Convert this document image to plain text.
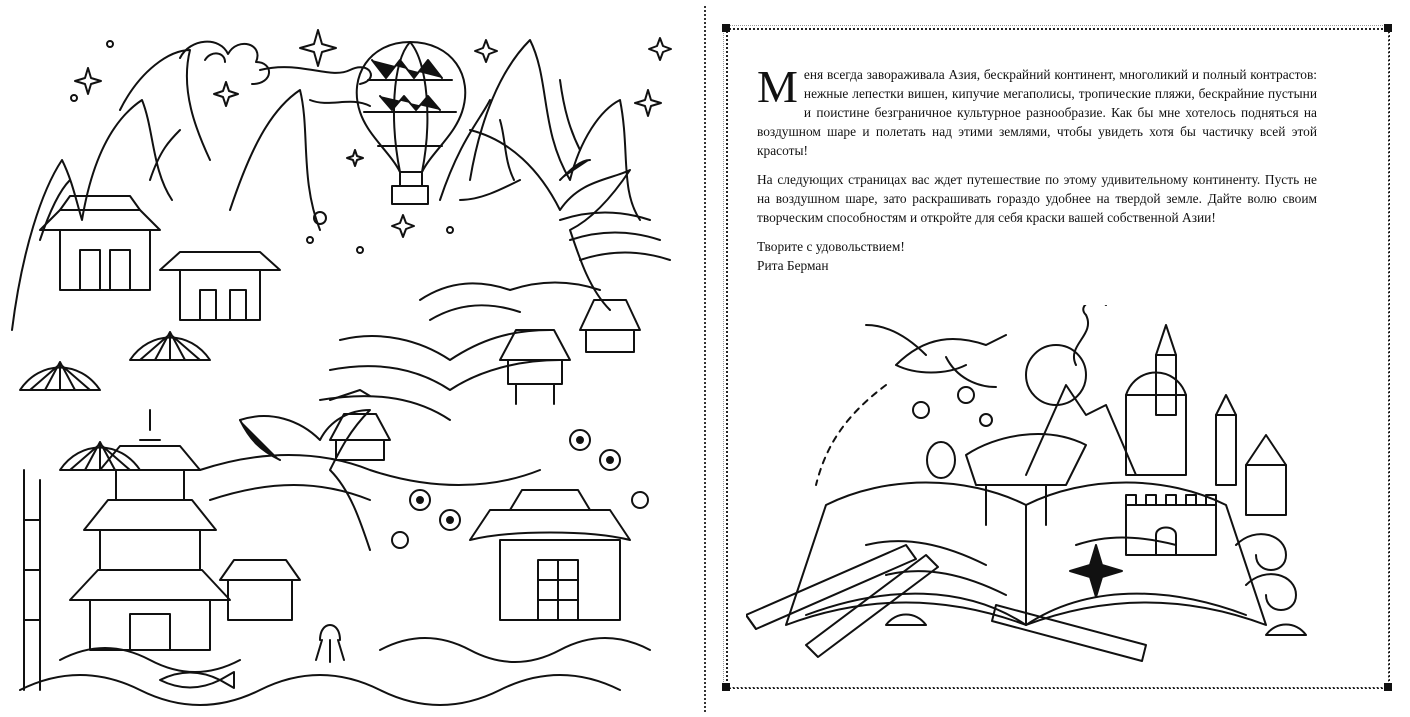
Меня всегда завораживала Азия, бескрайний континент, многоликий и полный контрастов: нежные лепестки вишен, кипучие мегаполисы, тропические пляжи, бескрайние пустыни и поистине безграничное культурное разнообразие. Как бы мне хотелось подняться на воздушном шаре и полетать над этими землями, чтобы увидеть хотя бы частичку всей этой красоты!

На следующих страницах вас ждет путешествие по этому удивительному континенту. Пусть не на воздушном шаре, зато раскрашивать гораздо удобнее на твердой земле. Дайте волю своим творческим способностям и откройте для себя краски вашей собственной Азии!

Творите с удовольствием!

Рита Берман
